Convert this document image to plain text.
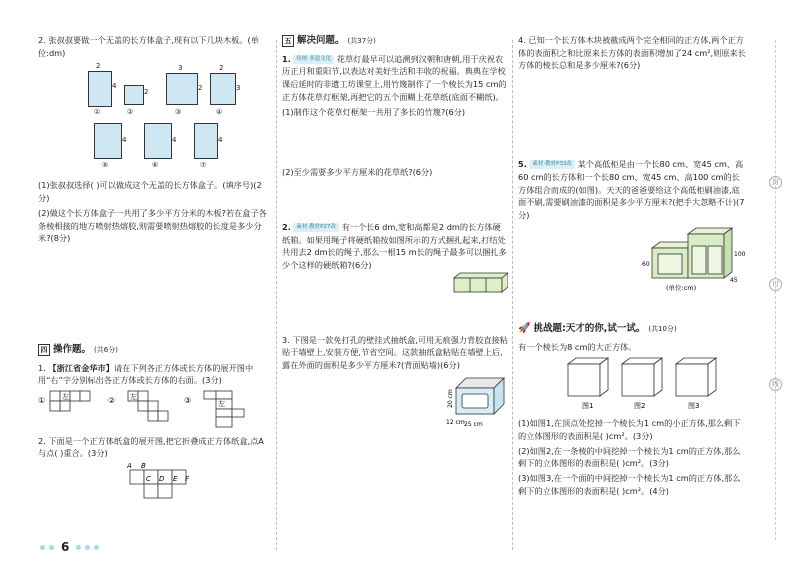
2. 张叔叔要做一个无盖的长方体盒子,现有以下几块木板。(单位:dm)

2
4
①
2
②
3
2
③
2
3
④
4
⑤
4
⑥
4
⑦

(1)张叔叔选择( )可以做成这个无盖的长方体盒子。(填序号)(2分)

(2)做这个长方体盒子一共用了多少平方分米的木板?若在盒子各条棱相接的地方喷射热熔胶,则需要喷射热熔胶的长度是多少分米?(8分)

四 操作题。 (共6分)

1. 【浙江省金华市】请在下列各正方体或长方体的展开图中用“右”字分别标出各正方体或长方体的右面。(3分)

① 左	② 左	③	左

2. 下面是一个正方体纸盒的展开图,把它折叠成正方体纸盒,点A与点( )重合。(3分)

A B
C D E F
6
五 解决问题。 (共37分)

1. 传统·非遗文化 花草灯最早可以追溯到汉朝和唐朝,用于庆祝农历正月和重阳节,以表达对美好生活和丰收的祝福。典典在学校课后延时的非遗工坊课堂上,用竹篾制作了一个棱长为15 cm的正方体花草灯框架,再把它的五个面糊上花草纸(底面不糊纸)。

(1)制作这个花草灯框架一共用了多长的竹篾?(6分)

(2)至少需要多少平方厘米的花草纸?(6分)

2. 素材·教材P27改 有一个长6 dm,宽和高都是2 dm的长方体硬纸箱。如果用绳子将硬纸箱按如图所示的方式捆扎起来,打结处共用去2 dm长的绳子,那么一根15 m长的绳子最多可以捆扎多少个这样的硬纸箱?(6分)

3. 下图是一款免打孔的壁挂式抽纸盒,可用无痕强力背胶直接粘贴于墙壁上,安装方便,节省空间。这款抽纸盒粘贴在墙壁上后,露在外面的面积是多少平方厘米?(背面贴墙)(6分)

20 cm
12 cm 25 cm

4. 已知一个长方体木块被截成两个完全相同的正方体,两个正方体的表面积之和比原来长方体的表面积增加了24 cm²,则原来长方体的棱长总和是多少厘米?(6分)

5. 素材·教材P33改 某个高低柜是由一个长80 cm、宽45 cm、高60 cm的长方体和一个长80 cm、宽45 cm、高100 cm的长方体组合而成的(如图)。天天的爸爸要给这个高低柜刷油漆,底面不刷,需要刷油漆的面积是多少平方厘米?(把手大忽略不计)(7分)

60
100
45
(单位:cm)
🚀 挑战题:天才的你,试一试。 (共10分)

有一个棱长为8 cm的大正方体。

图1	图2	图3

(1)如图1,在顶点处挖掉一个棱长为1 cm的小正方体,那么剩下的立体图形的表面积是( )cm²。(3分)

(2)如图2,在一条棱的中间挖掉一个棱长为1 cm的正方体,那么剩下的立体图形的表面积是( )cm²。(3分)

(3)如图3,在一个面的中间挖掉一个棱长为1 cm的正方体,那么剩下的立体图形的表面积是( )cm²。(4分)

封
讨
线
